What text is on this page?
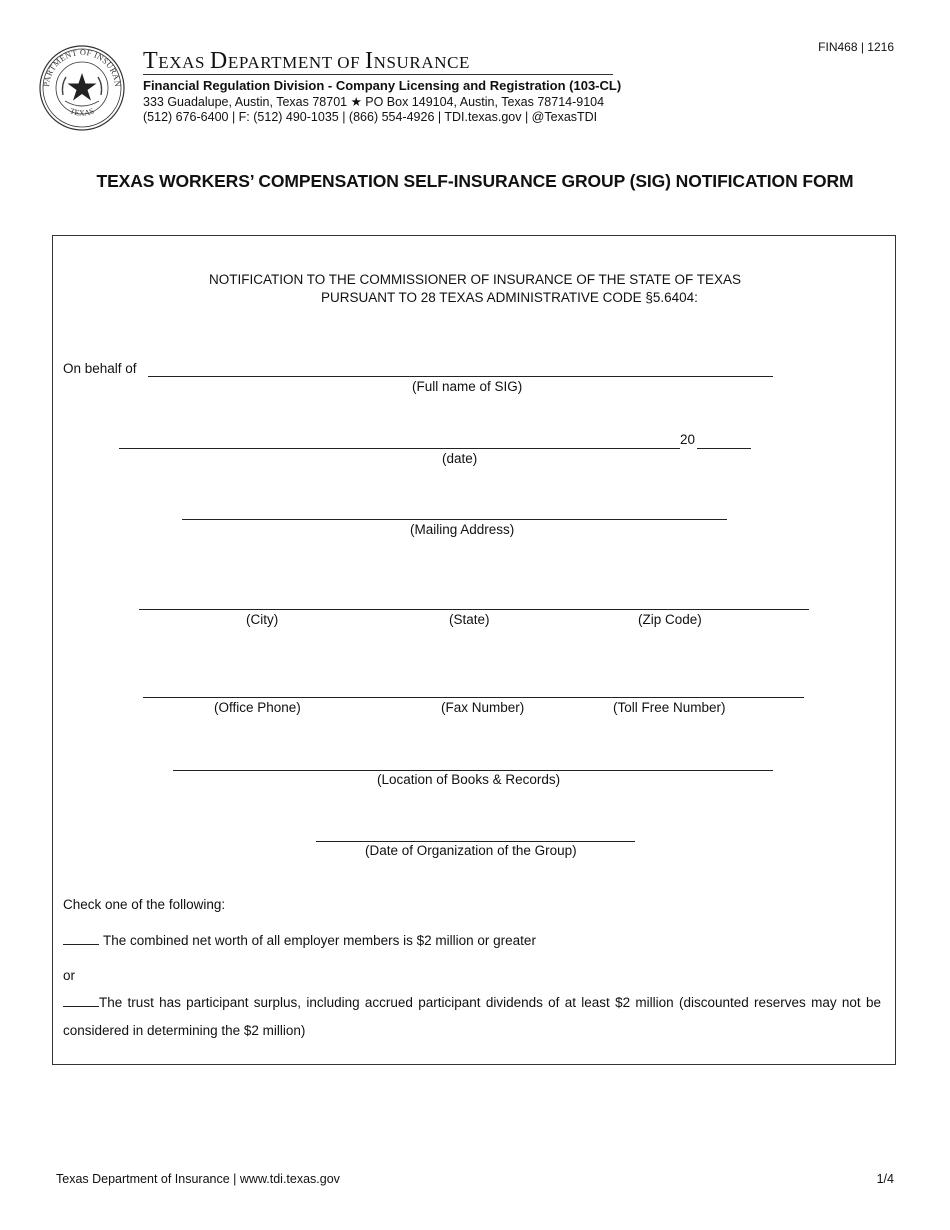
PARTMENT OF INSURAN
TEXAS
TEXAS DEPARTMENT OF INSURANCE
Financial Regulation Division - Company Licensing and Registration (103-CL)
333 Guadalupe, Austin, Texas 78701 ★ PO Box 149104, Austin, Texas 78714-9104
(512) 676-6400 | F: (512) 490-1035 | (866) 554-4926 | TDI.texas.gov | @TexasTDI
FIN468 | 1216
TEXAS WORKERS’ COMPENSATION SELF-INSURANCE GROUP (SIG) NOTIFICATION FORM
NOTIFICATION TO THE COMMISSIONER OF INSURANCE OF THE STATE OF TEXAS
PURSUANT TO 28 TEXAS ADMINISTRATIVE CODE §5.6404:
On behalf of
(Full name of SIG)
20
(date)
(Mailing Address)
(City)	(State)	(Zip Code)
(Office Phone)	(Fax Number)	(Toll Free Number)
(Location of Books & Records)
(Date of Organization of the Group)
Check one of the following:
The combined net worth of all employer members is $2 million or greater
or
The trust has participant surplus, including accrued participant dividends of at least $2 million (discounted reserves may not be considered in determining the $2 million)
Texas Department of Insurance | www.tdi.texas.gov	1/4
